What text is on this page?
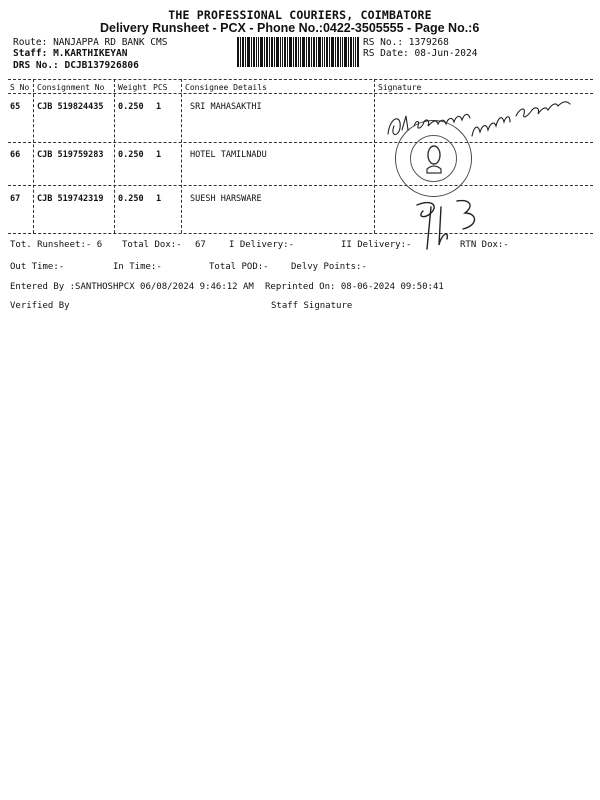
THE PROFESSIONAL COURIERS, COIMBATORE
Delivery Runsheet - PCX - Phone No.:0422-3505555 - Page No.:6
Route: NANJAPPA RD BANK CMS
Staff: M.KARTHIKEYAN
DRS No.: DCJB137926806
RS No.: 1379268
RS Date: 08-Jun-2024
S No Consignment No Weight PCS Consignee Details	Signature
65 CJB 519824435 0.250 1	SRI MAHASAKTHI
66 CJB 519759283 0.250 1	HOTEL TAMILNADU
67 CJB 519742319 0.250 1	SUESH HARSWARE
Tot. Runsheet:- 6 Total Dox:- 67	I Delivery:-	II Delivery:-	RTN Dox:-
Out Time:-	In Time:-	Total POD:- Delvy Points:-
Entered By :SANTHOSHPCX 06/08/2024 9:46:12 AM Reprinted On: 08-06-2024 09:50:41
Verified By	Staff Signature
